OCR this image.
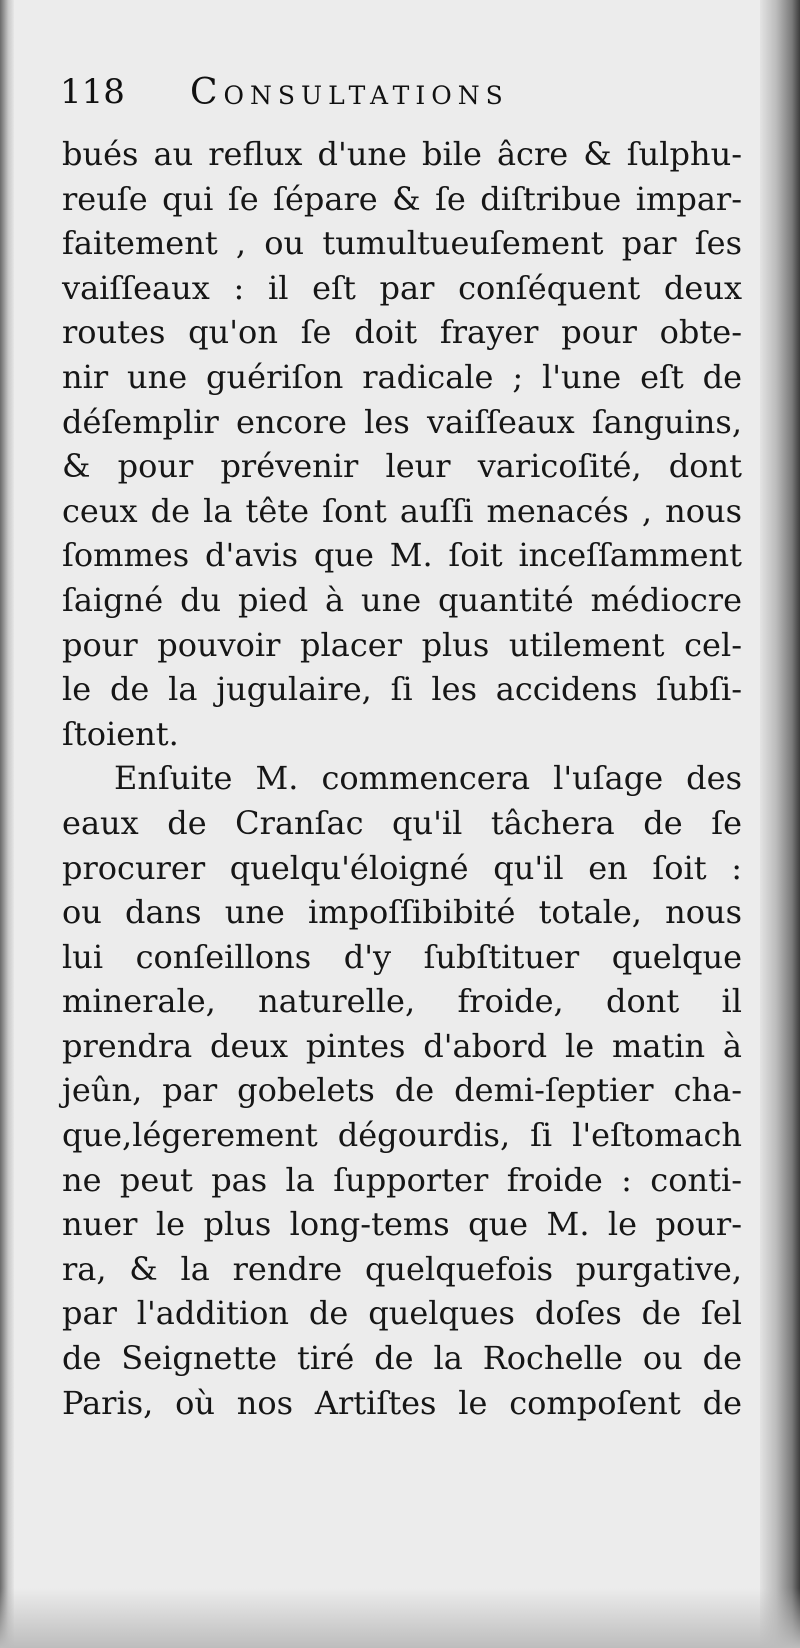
118 Consultations
bués au reflux d'une bile âcre & ſulphu-
reuſe qui ſe ſépare & ſe diſtribue impar-
faitement , ou tumultueuſement par ſes
vaiſſeaux : il eſt par conſéquent deux
routes qu'on ſe doit frayer pour obte-
nir une guériſon radicale ; l'une eſt de
déſemplir encore les vaiſſeaux ſanguins,
& pour prévenir leur varicoſité, dont
ceux de la tête ſont auſſi menacés , nous
ſommes d'avis que M. ſoit inceſſamment
ſaigné du pied à une quantité médiocre
pour pouvoir placer plus utilement cel-
le de la jugulaire, ſi les accidens ſubſi-
ſtoient.
Enſuite M. commencera l'uſage des
eaux de Cranſac qu'il tâchera de ſe
procurer quelqu'éloigné qu'il en ſoit :
ou dans une impoſſibibité totale, nous
lui conſeillons d'y ſubſtituer quelque
minerale, naturelle, froide, dont il
prendra deux pintes d'abord le matin à
jeûn, par gobelets de demi-ſeptier cha-
que,légerement dégourdis, ſi l'eſtomach
ne peut pas la ſupporter froide : conti-
nuer le plus long-tems que M. le pour-
ra, & la rendre quelquefois purgative,
par l'addition de quelques doſes de ſel
de Seignette tiré de la Rochelle ou de
Paris, où nos Artiſtes le compoſent de
